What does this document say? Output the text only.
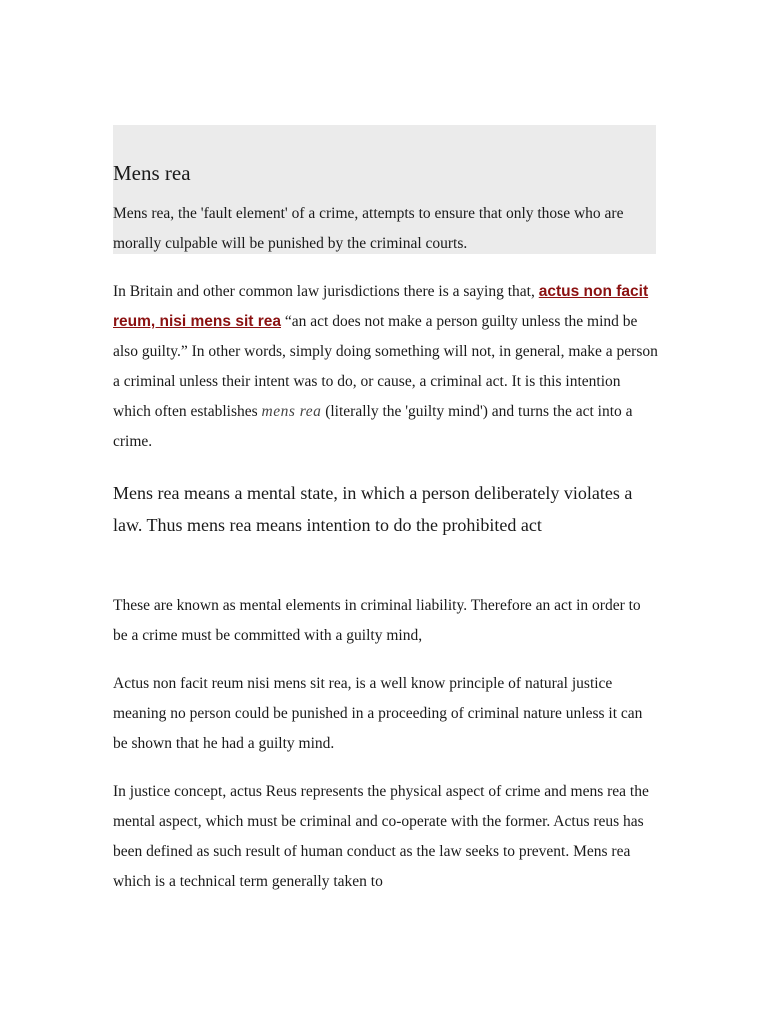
Mens rea

Mens rea, the 'fault element' of a crime, attempts to ensure that only those who are morally culpable will be punished by the criminal courts.

In Britain and other common law jurisdictions there is a saying that, actus non facit reum, nisi mens sit rea “an act does not make a person guilty unless the mind be also guilty.” In other words, simply doing something will not, in general, make a person a criminal unless their intent was to do, or cause, a criminal act. It is this intention which often establishes mens rea (literally the 'guilty mind') and turns the act into a crime.

Mens rea means a mental state, in which a person deliberately violates a law. Thus mens rea means intention to do the prohibited act

These are known as mental elements in criminal liability. Therefore an act in order to be a crime must be committed with a guilty mind,

Actus non facit reum nisi mens sit rea, is a well know principle of natural justice meaning no person could be punished in a proceeding of criminal nature unless it can be shown that he had a guilty mind.

In justice concept, actus Reus represents the physical aspect of crime and mens rea the mental aspect, which must be criminal and co-operate with the former. Actus reus has been defined as such result of human conduct as the law seeks to prevent. Mens rea which is a technical term generally taken to
